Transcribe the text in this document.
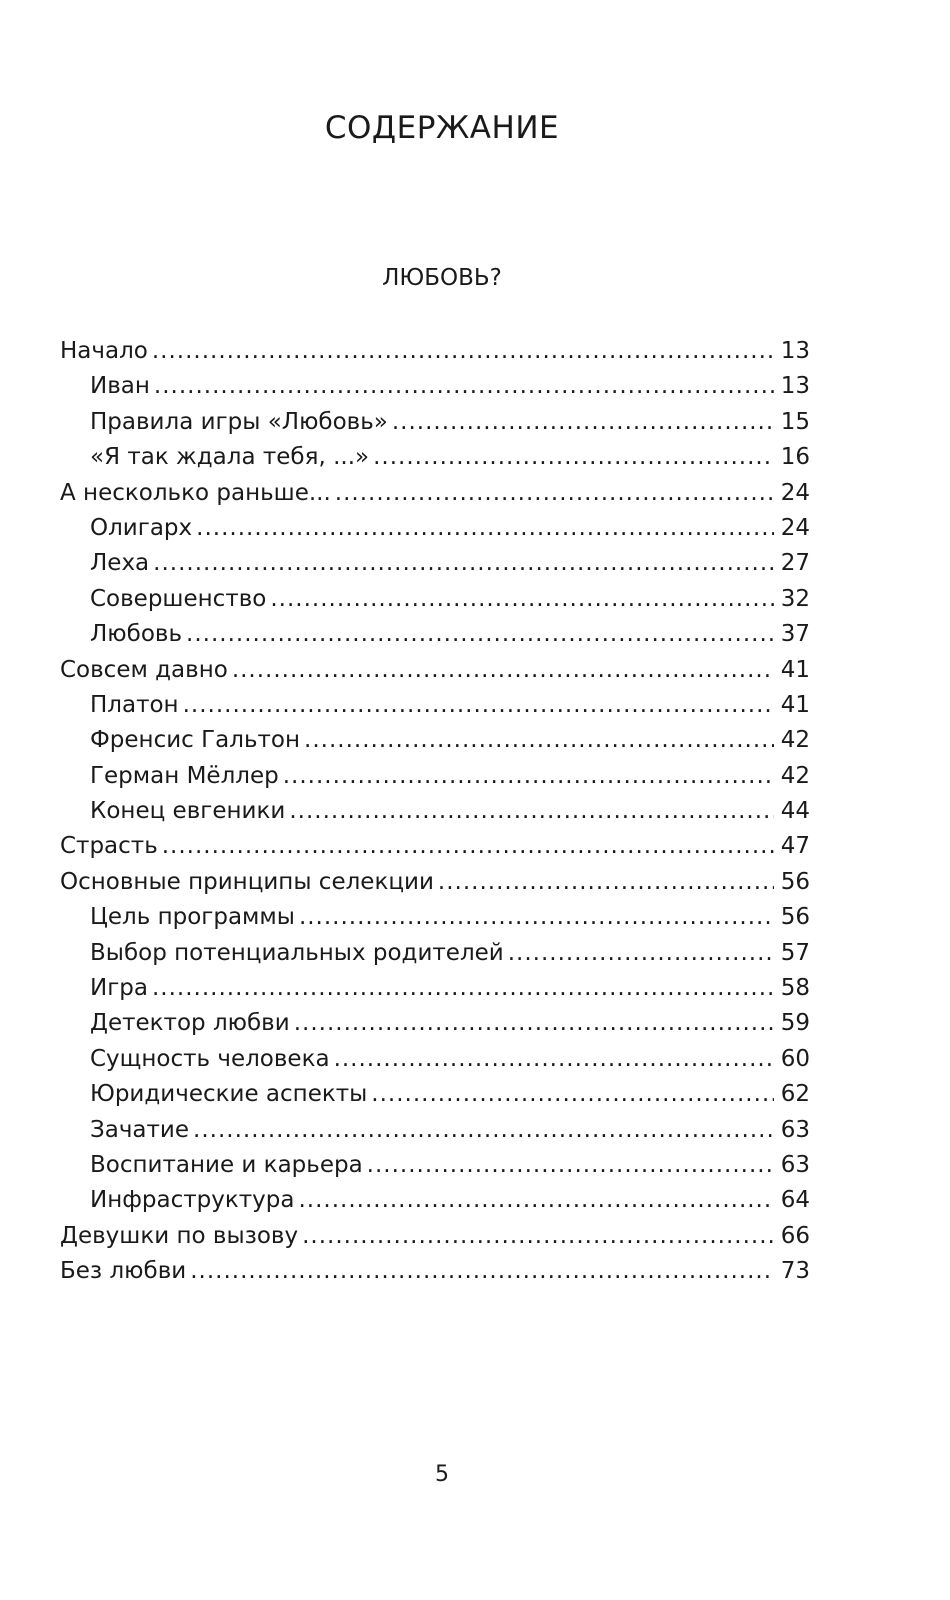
СОДЕРЖАНИЕ
ЛЮБОВЬ?
Начало .....	13
Иван .....	13
Правила игры «Любовь» .....	15
«Я так ждала тебя, ...» .....	16
А несколько раньше... .....	24
Олигарх .....	24
Леха .....	27
Совершенство .....	32
Любовь .....	37
Совсем давно .....	41
Платон .....	41
Френсис Гальтон .....	42
Герман Мёллер .....	42
Конец евгеники .....	44
Страсть .....	47
Основные принципы селекции .....	56
Цель программы .....	56
Выбор потенциальных родителей .....	57
Игра .....	58
Детектор любви .....	59
Сущность человека .....	60
Юридические аспекты .....	62
Зачатие .....	63
Воспитание и карьера .....	63
Инфраструктура .....	64
Девушки по вызову .....	66
Без любви .....	73
5
